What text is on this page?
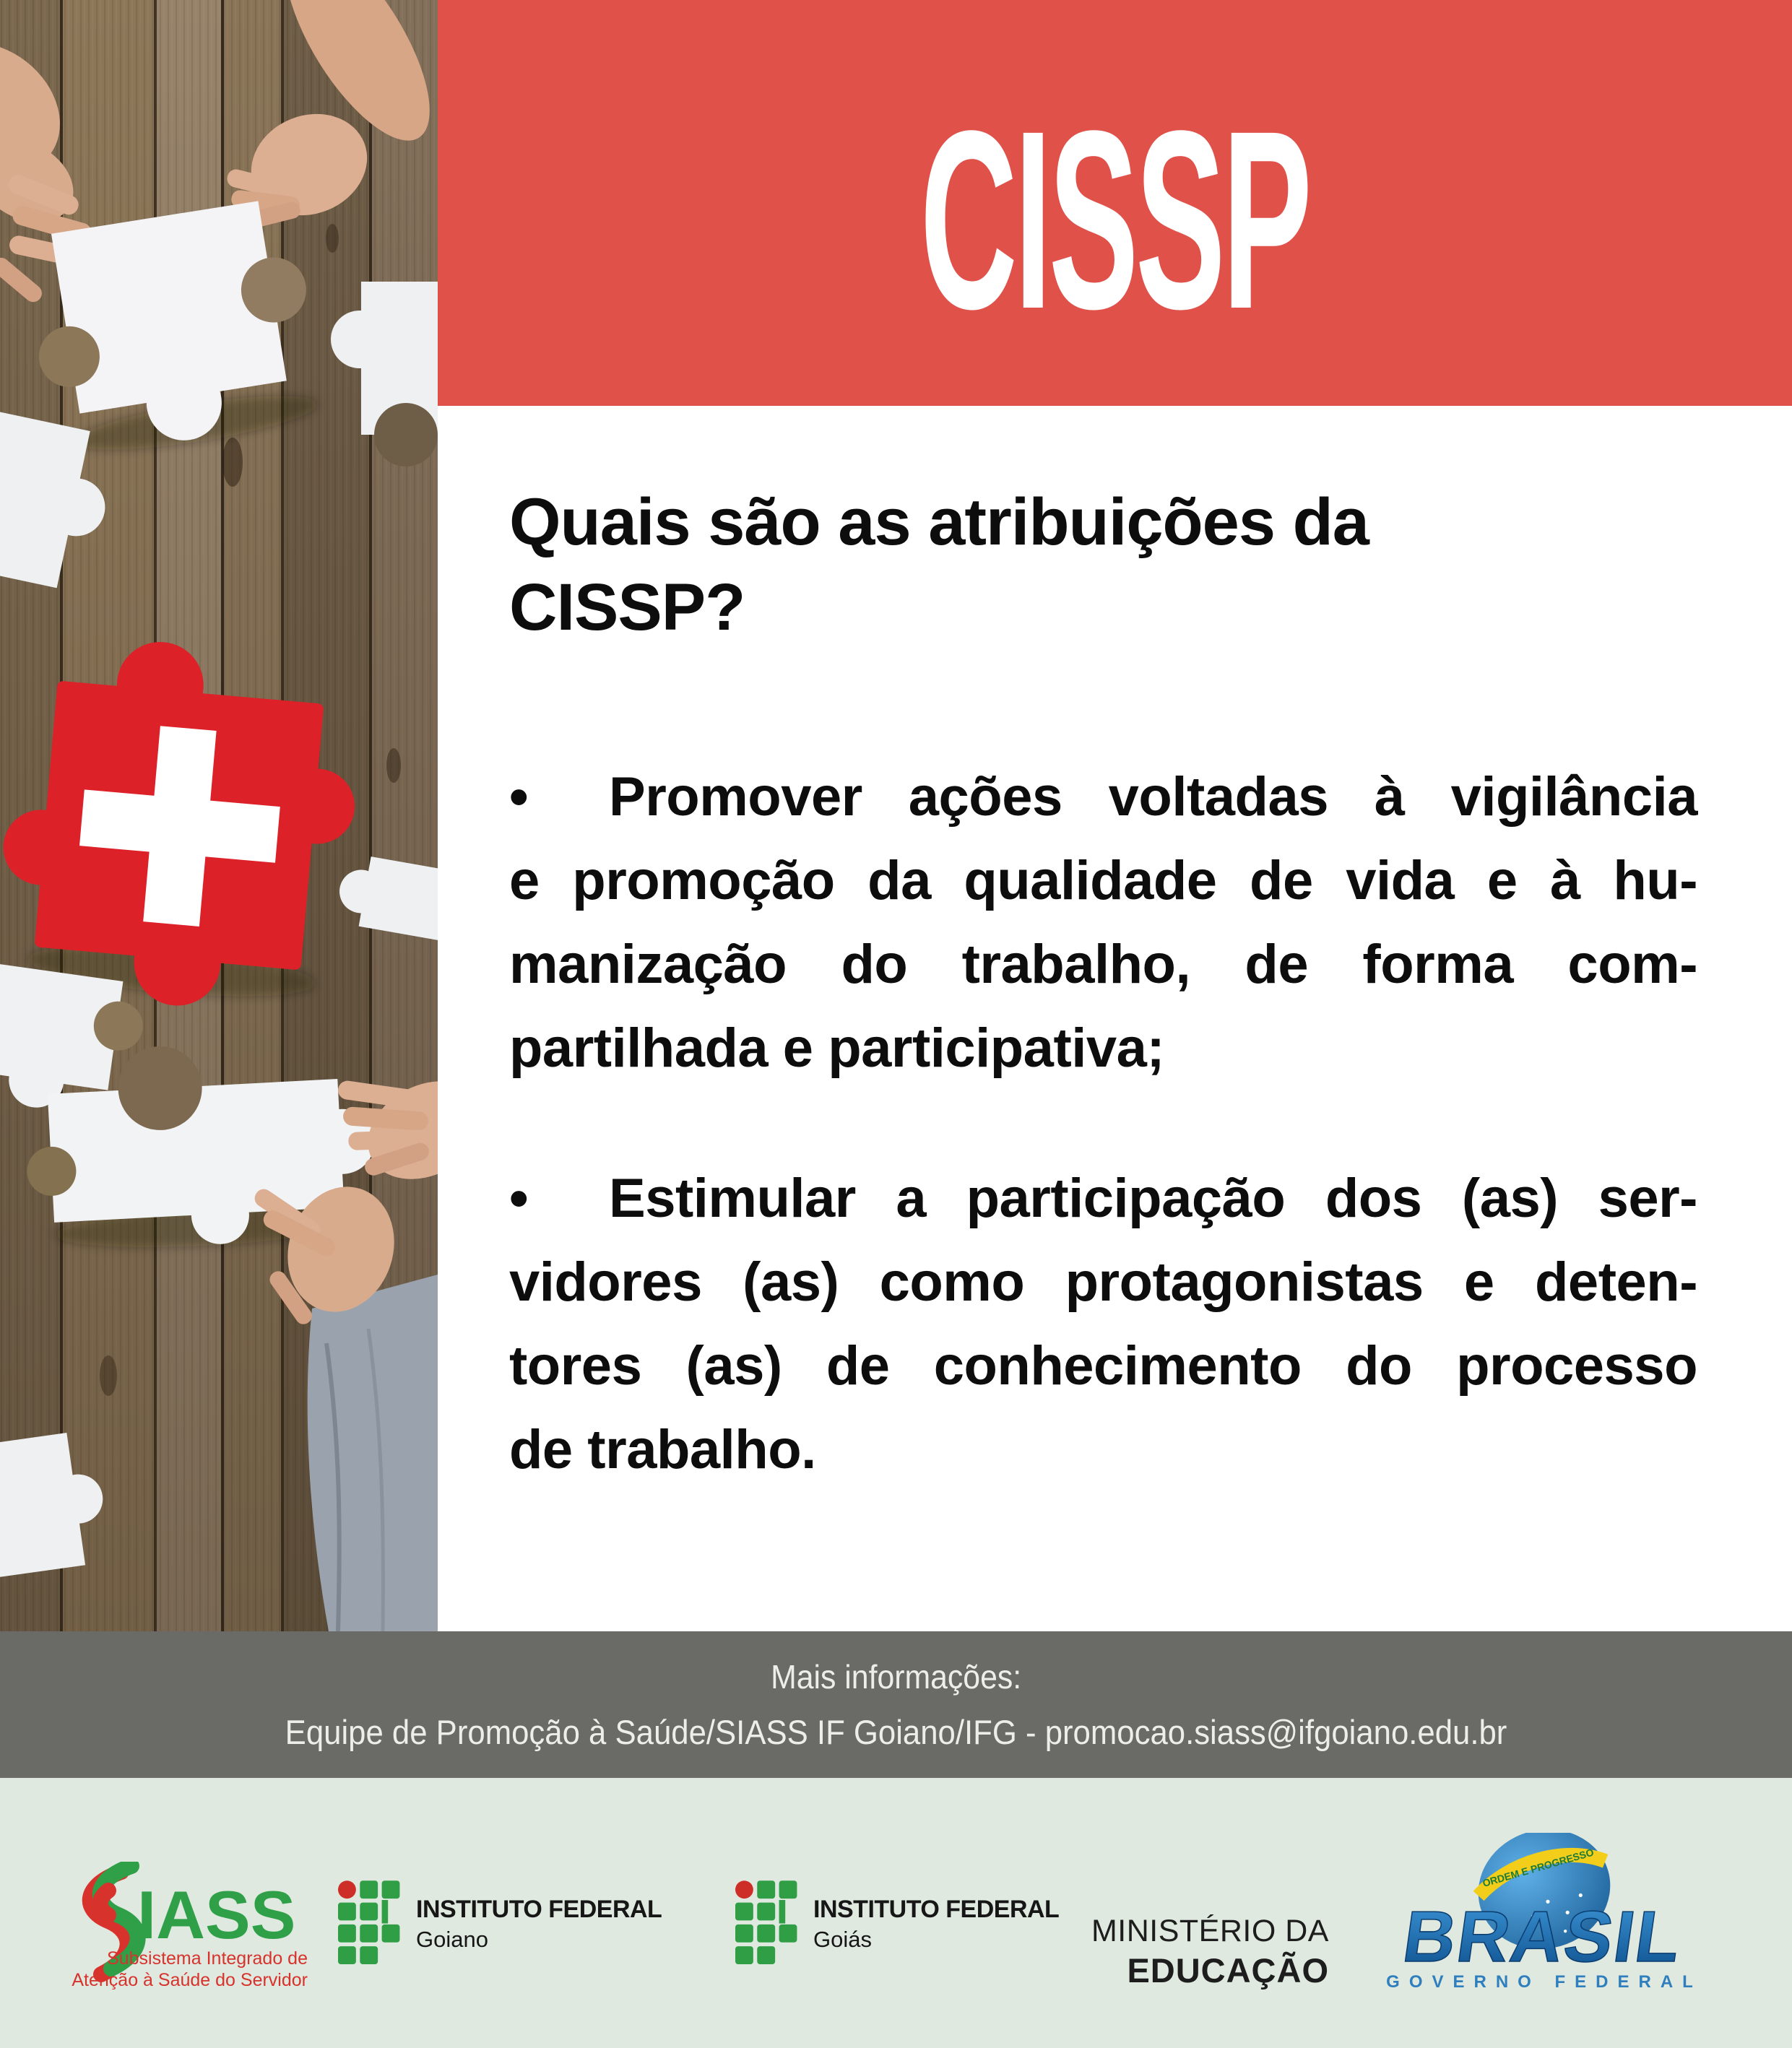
CISSP
Quais são as atribuições da
CISSP?
• Promover ações voltadas à vigilância
e promoção da qualidade de vida e à hu-
manização do trabalho, de forma com-
partilhada e participativa;
• Estimular a participação dos (as) ser-
vidores (as) como protagonistas e deten-
tores (as) de conhecimento do processo
de trabalho.
Mais informações:
Equipe de Promoção à Saúde/SIASS IF Goiano/IFG - promocao.siass@ifgoiano.edu.br
IASS
Subsistema Integrado de
Atenção à Saúde do Servidor
INSTITUTO FEDERAL
Goiano
INSTITUTO FEDERAL
Goiás	MINISTÉRIO DA
EDUCAÇÃO
ORDEM E PROGRESSO
BRASIL
GOVERNO FEDERAL
